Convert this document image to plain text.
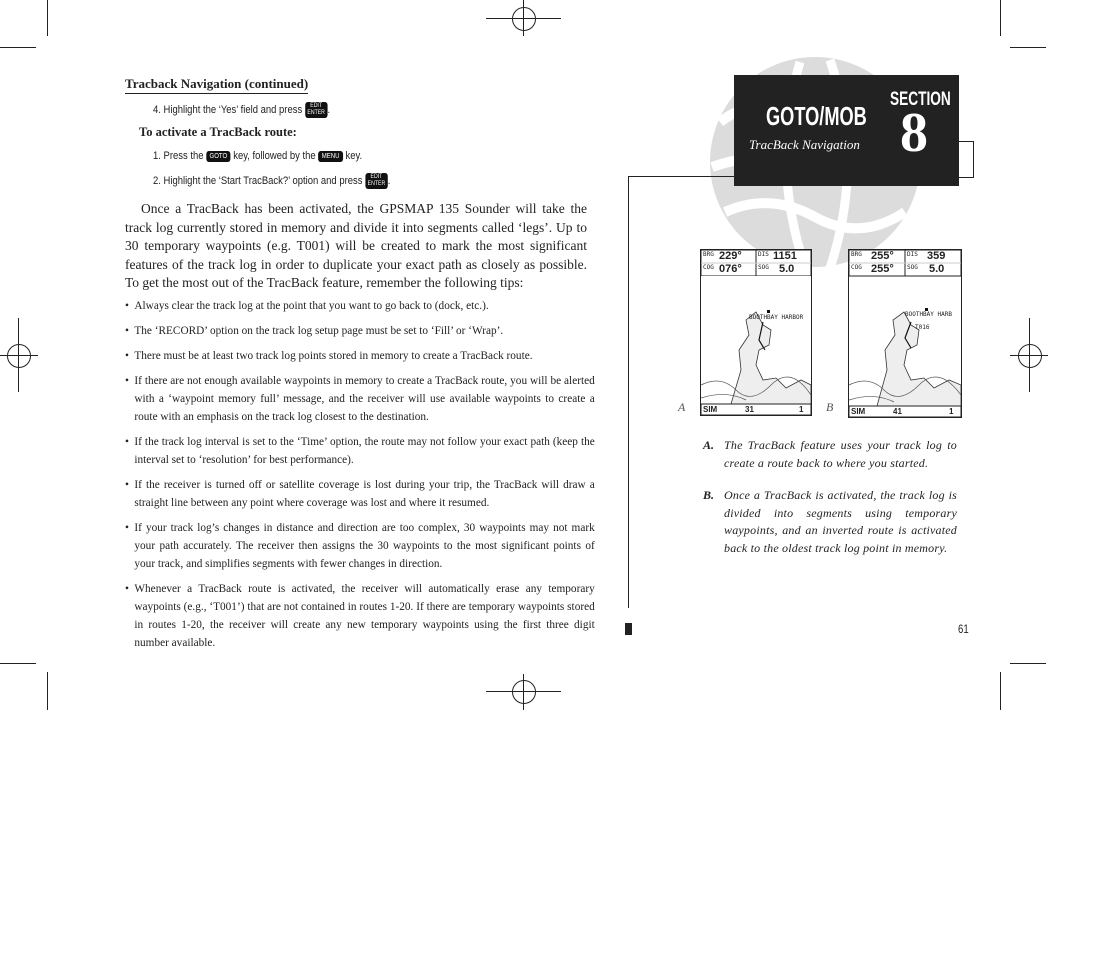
Tracback Navigation (continued)
4. Highlight the ‘Yes’ field and press EDIT
ENTER .
To activate a TracBack route:
1. Press the GOTO key, followed by the MENU key.
2. Highlight the ‘Start TracBack?’ option and press EDIT
ENTER .
Once a TracBack has been activated, the GPSMAP 135 Sounder will take the track log currently stored in memory and divide it into segments called ‘legs’. Up to 30 temporary waypoints (e.g. T001) will be created to mark the most significant features of the track log in order to duplicate your exact path as closely as possible. To get the most out of the TracBack feature, remember the following tips:
• Always clear the track log at the point that you want to go back to (dock, etc.).
• The ‘RECORD’ option on the track log setup page must be set to ‘Fill’ or ‘Wrap’.
• There must be at least two track log points stored in memory to create a TracBack route.
• If there are not enough available waypoints in memory to create a TracBack route, you will be alerted with a ‘waypoint memory full’ message, and the receiver will use available waypoints to create a route with an emphasis on the track log closest to the destination.
• If the track log interval is set to the ‘Time’ option, the route may not follow your exact path (keep the interval set to ‘resolution’ for best performance).
• If the receiver is turned off or satellite coverage is lost during your trip, the TracBack will draw a straight line between any point where coverage was lost and where it resumed.
• If your track log’s changes in distance and direction are too complex, 30 waypoints may not mark your path accurately. The receiver then assigns the 30 waypoints to the most significant points of your track, and simplifies segments with fewer changes in direction.
• Whenever a TracBack route is activated, the receiver will automatically erase any temporary waypoints (e.g., ‘T001’) that are not contained in routes 1-20. If there are temporary waypoints stored in routes 1-20, the receiver will create any new temporary waypoints using the first three digit number available.
GOTO/MOB
TracBack Navigation
SECTION
8
A
BRG 229°	DIS 1151
COG 076°	SOG 5.0
BOOTHBAY HARBOR
SIM	31	1 B
BRG 255° DIS 359
COG 255° SOG 5.0
BOOTHBAY HARB
T016
SIM	41	1
A. The TracBack feature uses your track log to create a route back to where you started.
B. Once a TracBack is activated, the track log is divided into segments using temporary waypoints, and an inverted route is activated back to the oldest track log point in memory.
61
